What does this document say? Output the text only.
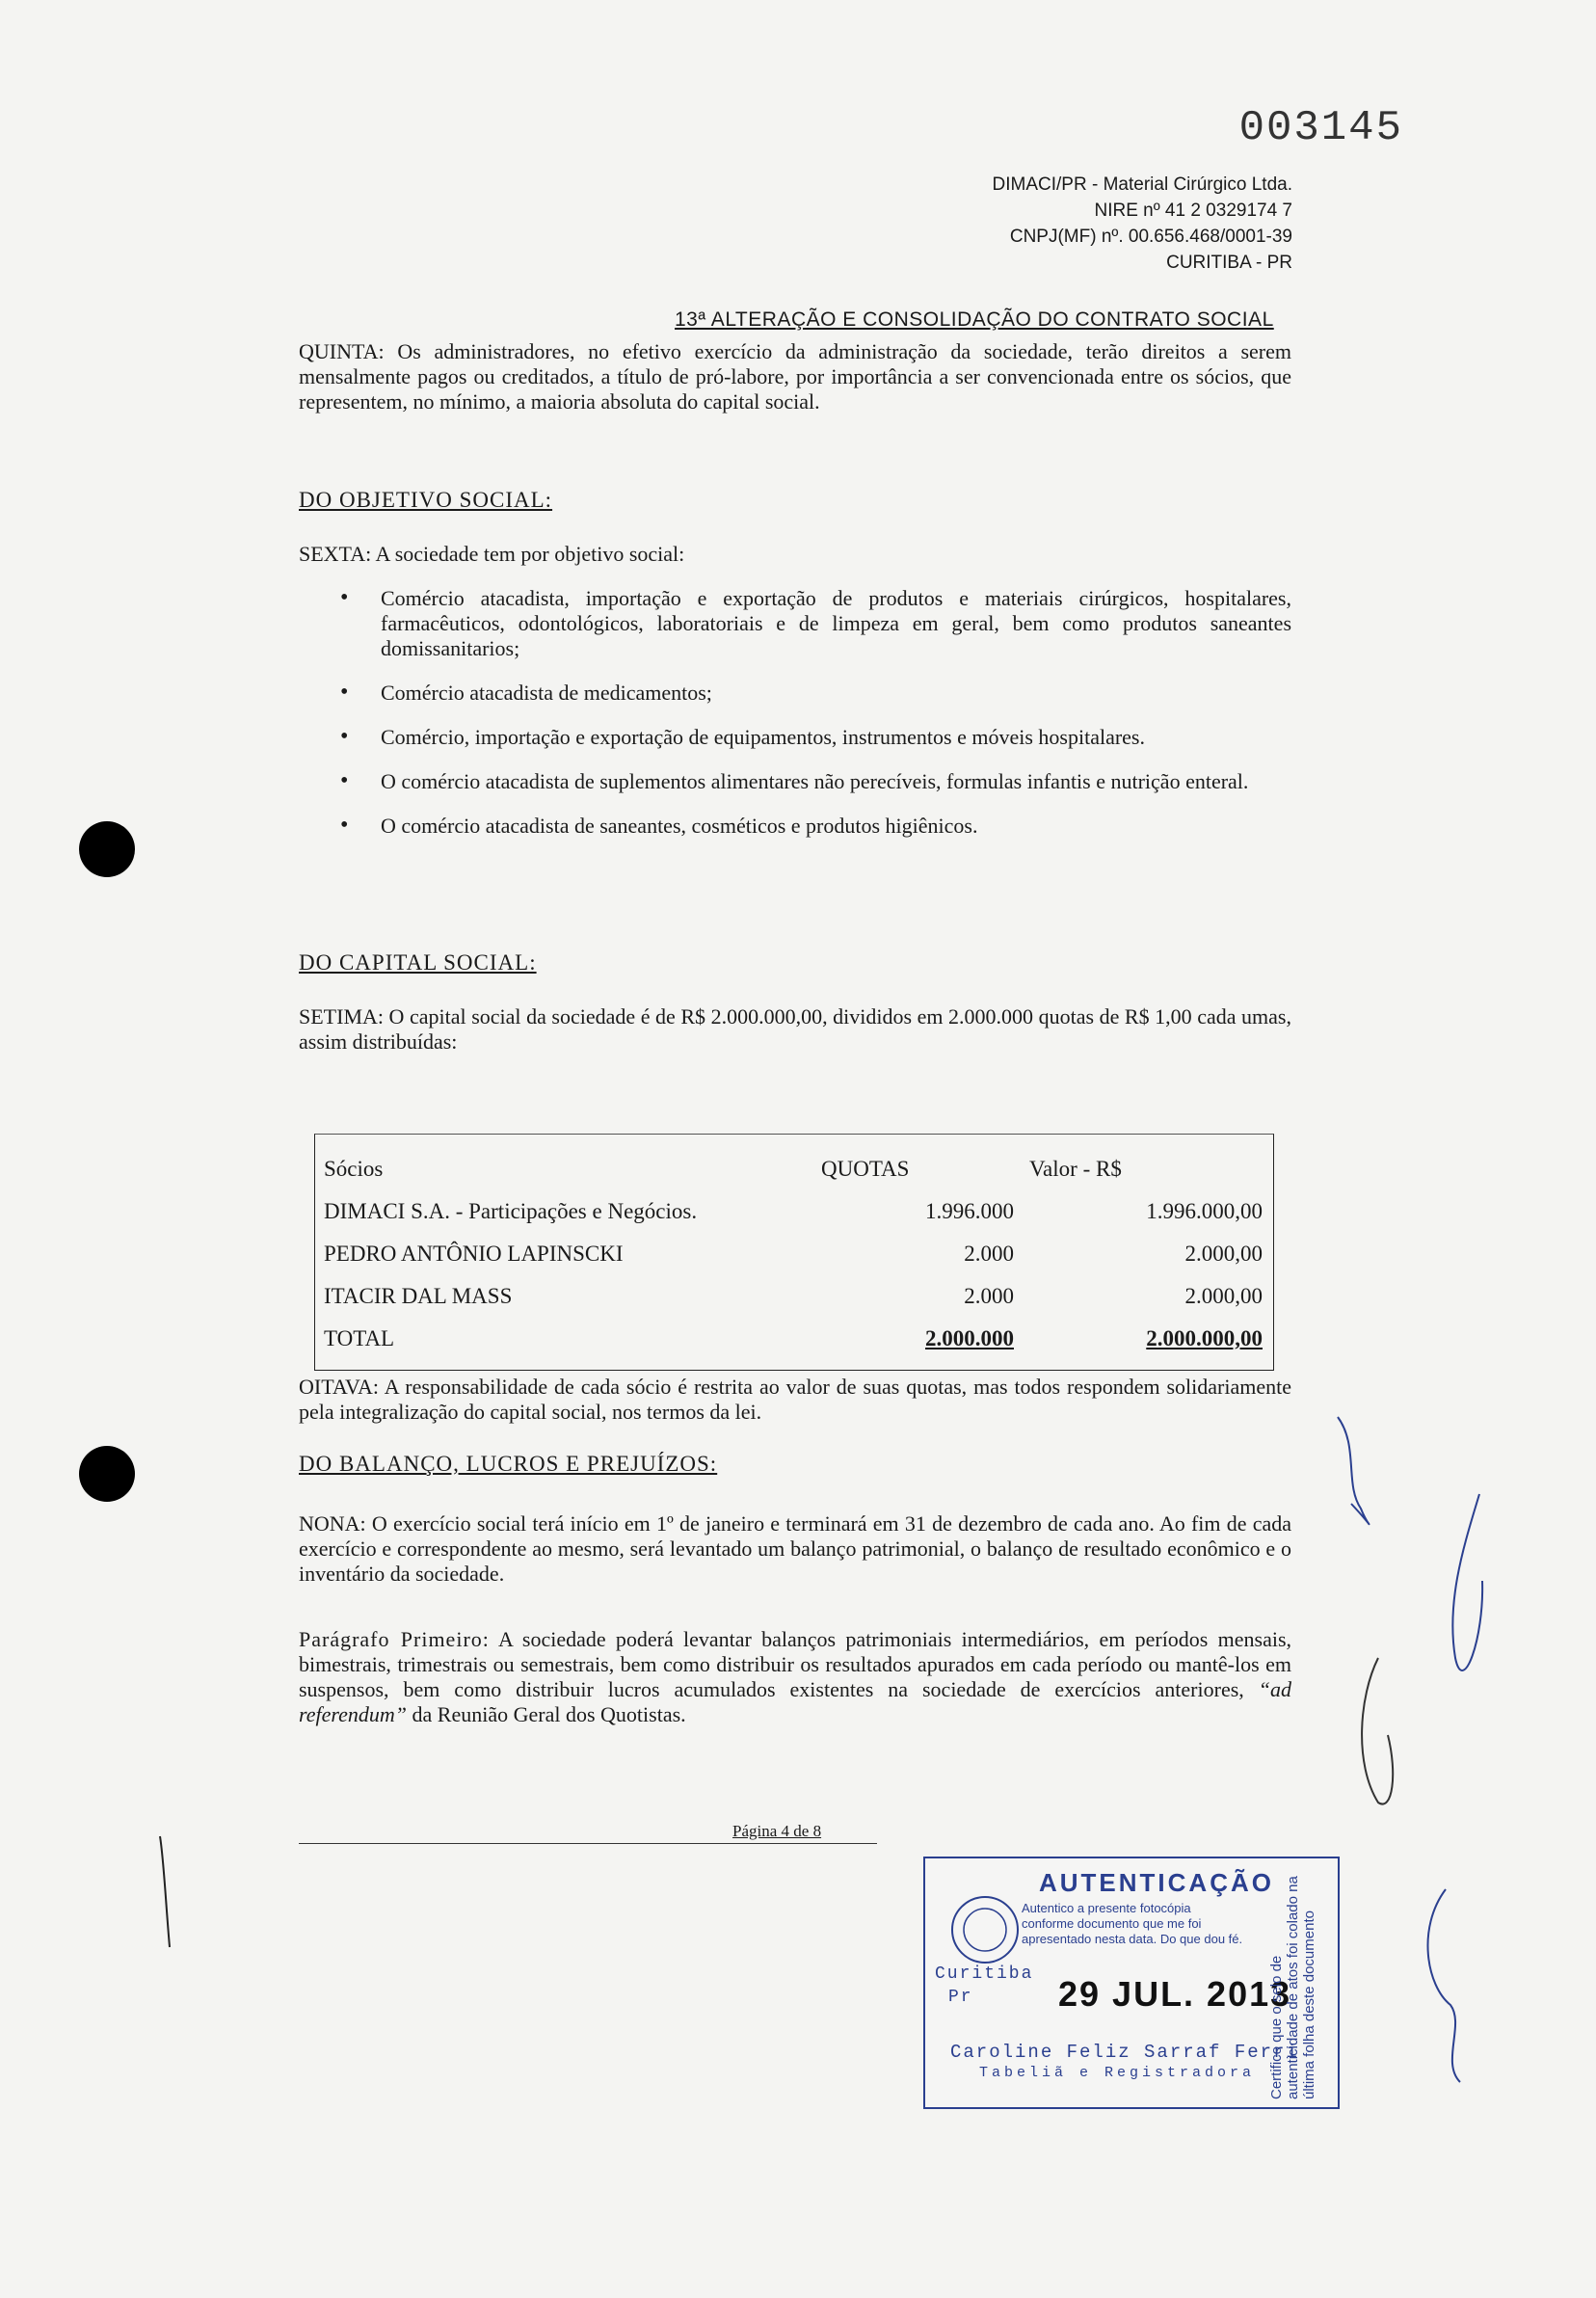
003145
DIMACI/PR - Material Cirúrgico Ltda.
NIRE nº 41 2 0329174 7
CNPJ(MF) nº. 00.656.468/0001-39
CURITIBA - PR
13ª ALTERAÇÃO E CONSOLIDAÇÃO DO CONTRATO SOCIAL
QUINTA: Os administradores, no efetivo exercício da administração da sociedade, terão direitos a serem mensalmente pagos ou creditados, a título de pró-labore, por importância a ser convencionada entre os sócios, que representem, no mínimo, a maioria absoluta do capital social.
DO OBJETIVO SOCIAL:
SEXTA: A sociedade tem por objetivo social:
• Comércio atacadista, importação e exportação de produtos e materiais cirúrgicos, hospitalares, farmacêuticos, odontológicos, laboratoriais e de limpeza em geral, bem como produtos saneantes domissanitarios;
• Comércio atacadista de medicamentos;
• Comércio, importação e exportação de equipamentos, instrumentos e móveis hospitalares.
• O comércio atacadista de suplementos alimentares não perecíveis, formulas infantis e nutrição enteral.
• O comércio atacadista de saneantes, cosméticos e produtos higiênicos.
DO CAPITAL SOCIAL:
SETIMA: O capital social da sociedade é de R$ 2.000.000,00, divididos em 2.000.000 quotas de R$ 1,00 cada umas, assim distribuídas:
Sócios	QUOTAS	Valor - R$
DIMACI S.A. - Participações e Negócios.	1.996.000	1.996.000,00
PEDRO ANTÔNIO LAPINSCKI	2.000	2.000,00
ITACIR DAL MASS	2.000	2.000,00
TOTAL	2.000.000	2.000.000,00
OITAVA: A responsabilidade de cada sócio é restrita ao valor de suas quotas, mas todos respondem solidariamente pela integralização do capital social, nos termos da lei.
DO BALANÇO, LUCROS E PREJUÍZOS:
NONA: O exercício social terá início em 1º de janeiro e terminará em 31 de dezembro de cada ano. Ao fim de cada exercício e correspondente ao mesmo, será levantado um balanço patrimonial, o balanço de resultado econômico e o inventário da sociedade.
Parágrafo Primeiro: A sociedade poderá levantar balanços patrimoniais intermediários, em períodos mensais, bimestrais, trimestrais ou semestrais, bem como distribuir os resultados apurados em cada período ou mantê-los em suspensos, bem como distribuir lucros acumulados existentes na sociedade de exercícios anteriores, “ad referendum” da Reunião Geral dos Quotistas.
Página 4 de 8
AUTENTICAÇÃO
Autentico a presente fotocópia conforme documento que me foi apresentado nesta data. Do que dou fé.
Curitiba
Pr	29 JUL. 2013
Caroline Feliz Sarraf Ferri
Tabeliã e Registradora Certifico que o selo de autenticidade de atos foi colado na última folha deste documento
